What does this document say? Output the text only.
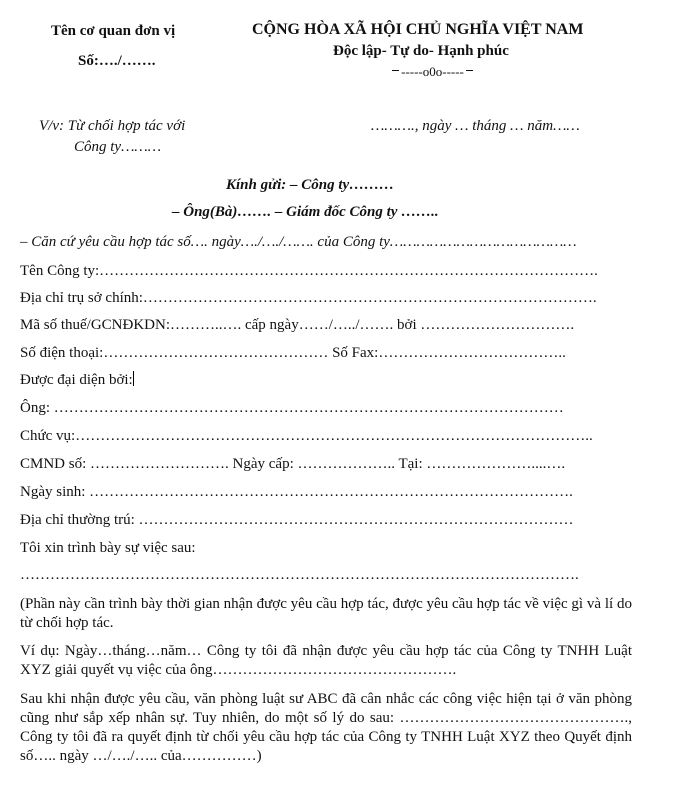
Tên cơ quan đơn vị
Số:…./…….
CỘNG HÒA XÃ HỘI CHỦ NGHĨA VIỆT NAM
Độc lập- Tự do- Hạnh phúc
-----o0o-----
V/v: Từ chối hợp tác với
Công ty………
………., ngày … tháng … năm……
Kính gửi: – Công ty………
– Ông(Bà)……. – Giám đốc Công ty ……..
– Căn cứ yêu cầu hợp tác số…. ngày…./…./……. của Công ty……………………………………
Tên Công ty:……………………………………………………………………………………….
Địa chỉ trụ sở chính:……………………………………………………………………………….
Mã số thuế/GCNĐKDN:………..…. cấp ngày……/…../……. bởi ………………………….
Số điện thoại:……………………………………… Số Fax:………………………………..
Được đại diện bởi:
Ông: …………………………………………………………………………………………
Chức vụ:…………………………………………………………………………………………..
CMND số: ………………………. Ngày cấp: ……………….. Tại: …………………....….
Ngày sinh: …………………………………………………………………………………….
Địa chỉ thường trú: ……………………………………………………………………………
Tôi xin trình bày sự việc sau:
………………………………………………………………………………………………….

(Phần này cần trình bày thời gian nhận được yêu cầu hợp tác, được yêu cầu hợp tác về việc gì và lí do từ chối hợp tác.

Ví dụ: Ngày…tháng…năm… Công ty tôi đã nhận được yêu cầu hợp tác của Công ty TNHH Luật XYZ giải quyết vụ việc của ông………………………………………….

Sau khi nhận được yêu cầu, văn phòng luật sư ABC đã cân nhắc các công việc hiện tại ở văn phòng cũng như sắp xếp nhân sự. Tuy nhiên, do một số lý do sau: ………………………………………., Công ty tôi đã ra quyết định từ chối yêu cầu hợp tác của Công ty TNHH Luật XYZ theo Quyết định số….. ngày …/…./….. của……………)
